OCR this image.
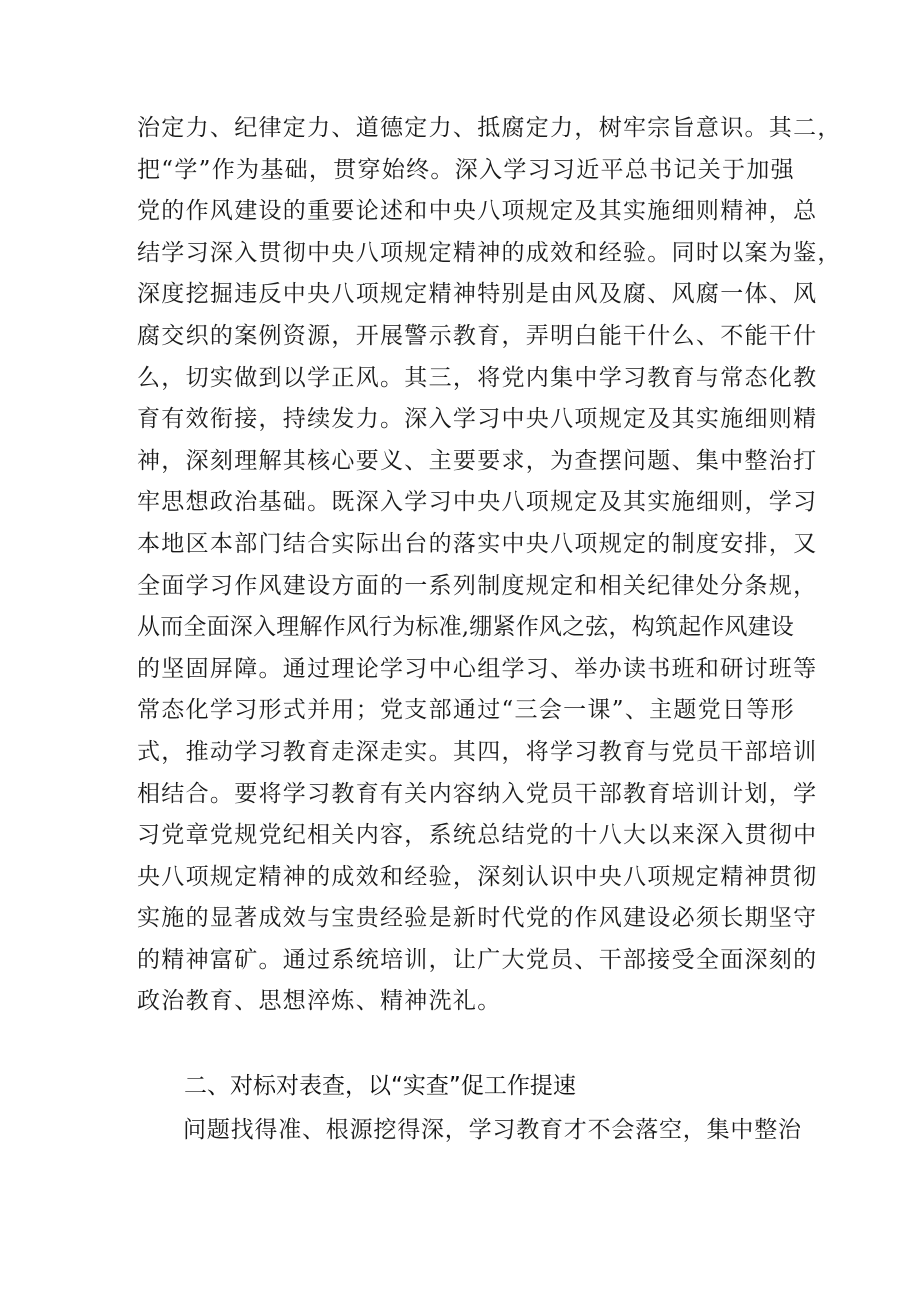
治定力、纪律定力、道德定力、抵腐定力，树牢宗旨意识。其二，
把“学”作为基础，贯穿始终。深入学习习近平总书记关于加强
党的作风建设的重要论述和中央八项规定及其实施细则精神，总
结学习深入贯彻中央八项规定精神的成效和经验。同时以案为鉴，
深度挖掘违反中央八项规定精神特别是由风及腐、风腐一体、风
腐交织的案例资源，开展警示教育，弄明白能干什么、不能干什
么，切实做到以学正风。其三，将党内集中学习教育与常态化教
育有效衔接，持续发力。深入学习中央八项规定及其实施细则精
神，深刻理解其核心要义、主要要求，为查摆问题、集中整治打
牢思想政治基础。既深入学习中央八项规定及其实施细则，学习
本地区本部门结合实际出台的落实中央八项规定的制度安排，又
全面学习作风建设方面的一系列制度规定和相关纪律处分条规，
从而全面深入理解作风行为标准,绷紧作风之弦，构筑起作风建设
的坚固屏障。通过理论学习中心组学习、举办读书班和研讨班等
常态化学习形式并用；党支部通过“三会一课”、主题党日等形
式，推动学习教育走深走实。其四，将学习教育与党员干部培训
相结合。要将学习教育有关内容纳入党员干部教育培训计划，学
习党章党规党纪相关内容，系统总结党的十八大以来深入贯彻中
央八项规定精神的成效和经验，深刻认识中央八项规定精神贯彻
实施的显著成效与宝贵经验是新时代党的作风建设必须长期坚守
的精神富矿。通过系统培训，让广大党员、干部接受全面深刻的
政治教育、思想淬炼、精神洗礼。
二、对标对表查，以“实查”促工作提速
问题找得准、根源挖得深，学习教育才不会落空，集中整治
